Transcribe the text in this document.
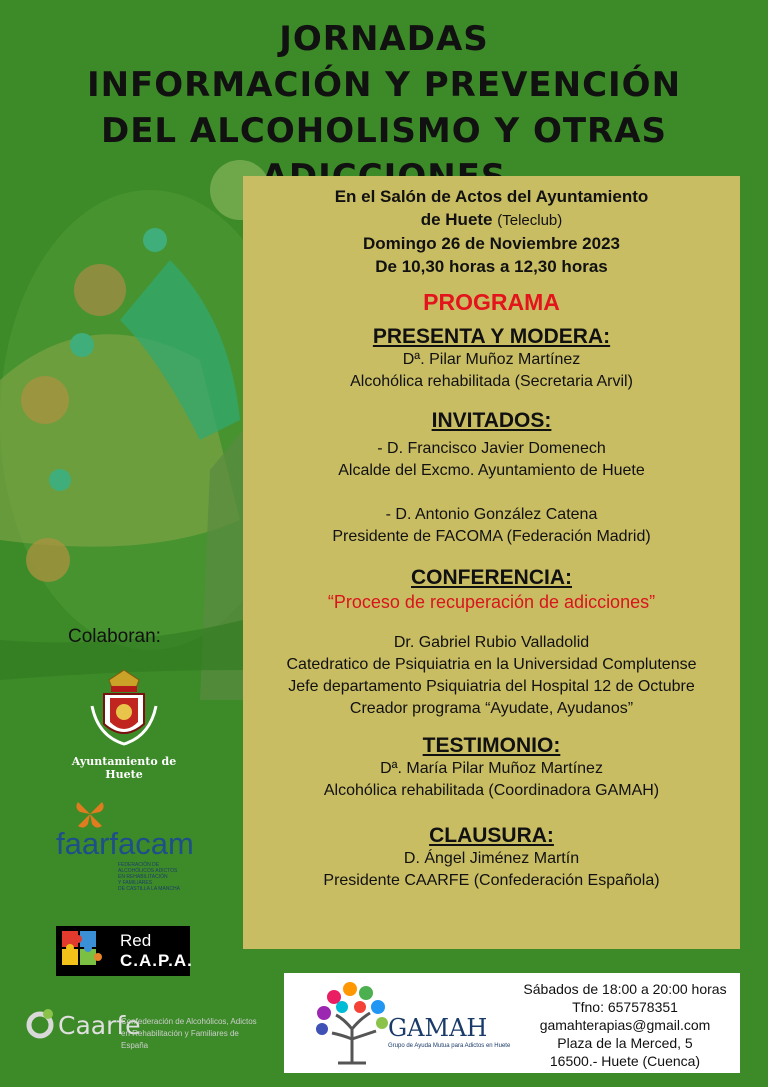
JORNADAS
INFORMACIÓN Y PREVENCIÓN
DEL ALCOHOLISMO Y OTRAS
En el Salón de Actos del Ayuntamiento
de Huete (Teleclub)
Domingo 26 de Noviembre 2023
De 10,30 horas a 12,30 horas
PROGRAMA
PRESENTA Y MODERA:
Dª. Pilar Muñoz Martínez
Alcohólica rehabilitada (Secretaria Arvil)
INVITADOS:
- D. Francisco Javier Domenech
Alcalde del Excmo. Ayuntamiento de Huete
- D. Antonio González Catena
Presidente de FACOMA (Federación Madrid)
CONFERENCIA:
“Proceso de recuperación de adicciones”
Dr. Gabriel Rubio Valladolid
Catedratico de Psiquiatria en la Universidad Complutense
Jefe departamento Psiquiatria del Hospital 12 de Octubre
Creador programa “Ayudate, Ayudanos”
TESTIMONIO:
Dª. María Pilar Muñoz Martínez
Alcohólica rehabilitada (Coordinadora GAMAH)
CLAUSURA:
D. Ángel Jiménez Martín
Presidente CAARFE (Confederación Española)
Colaboran:
Ayuntamiento de Huete
faarfacam
FEDERACIÓN DE
ALCOHÓLICOS ADICTOS
EN REHABILITACIÓN
Y FAMILIARES
DE CASTILLA LA MANCHA
Red
C.A.P.A.
Caarfe
Confederación de Alcohólicos, Adictos
en Rehabilitación y Familiares de España
GAMAH
Grupo de Ayuda Mutua para Adictos en Huete
Sábados de 18:00 a 20:00 horas
Tfno: 657578351
gamahterapias@gmail.com
Plaza de la Merced, 5
16500.- Huete (Cuenca)
